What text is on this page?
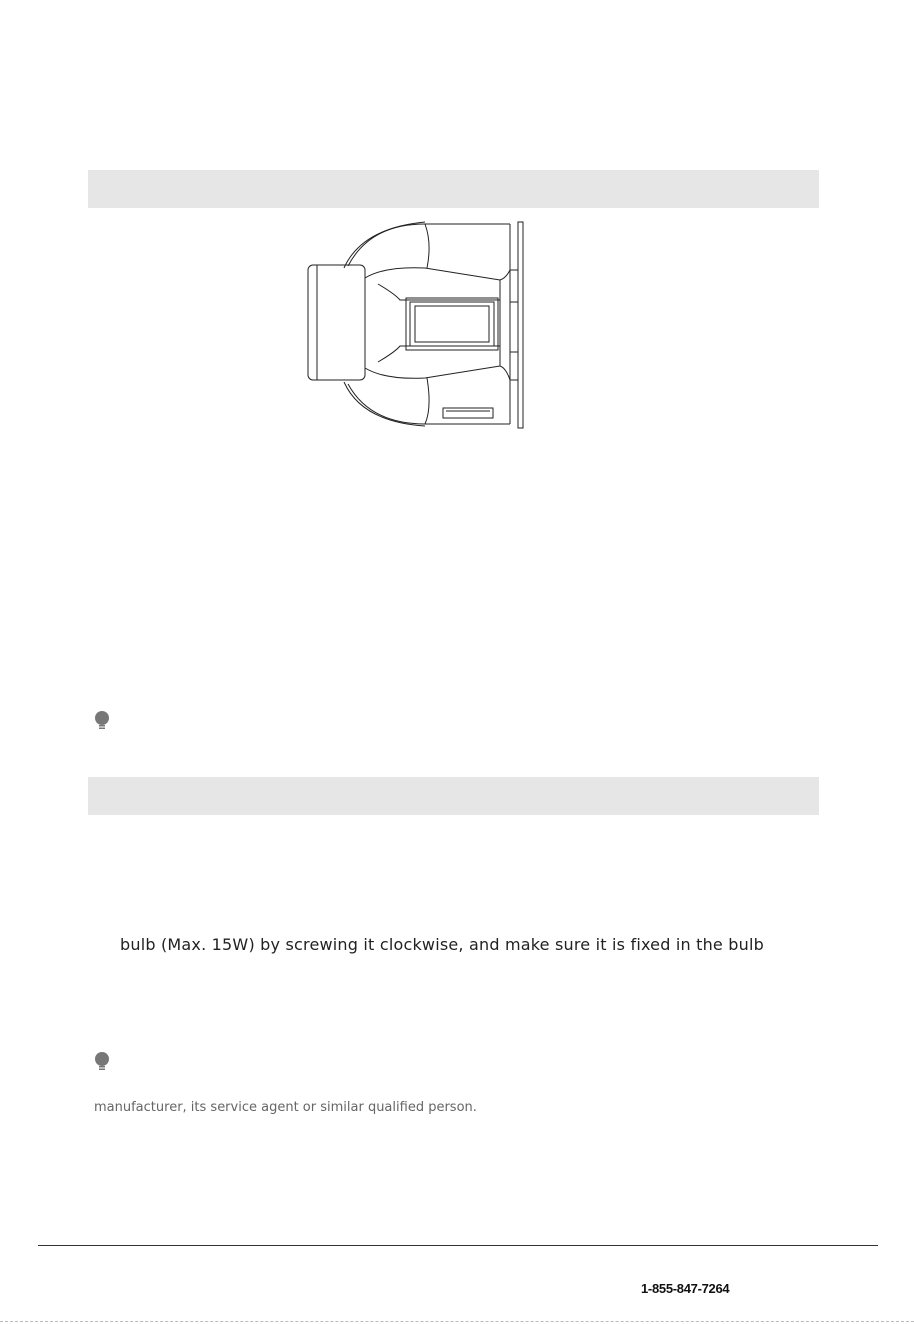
bulb (Max. 15W) by screwing it clockwise, and make sure it is fixed in the bulb
manufacturer, its service agent or similar qualified person.
1-855-847-7264
